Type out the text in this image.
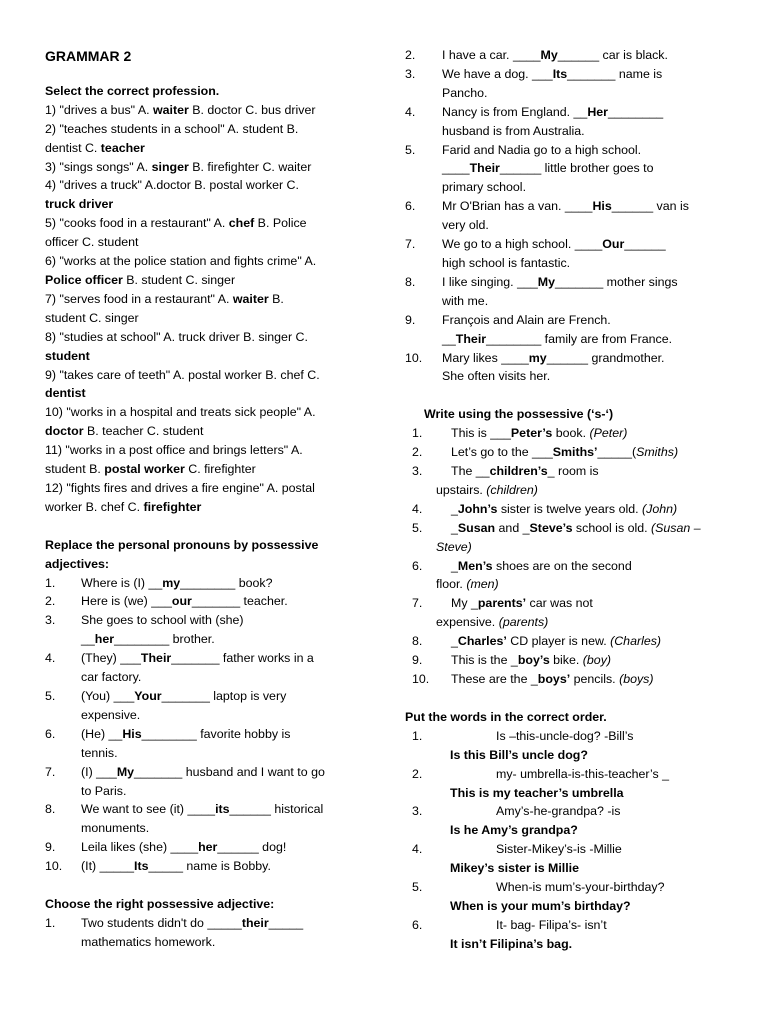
GRAMMAR 2

Select the correct profession.

1) "drives a bus" A. waiter B. doctor C. bus driver

2) "teaches students in a school" A. student B.

dentist C. teacher

3) "sings songs" A. singer B. firefighter C. waiter

4) "drives a truck" A.doctor B. postal worker C.

truck driver

5) "cooks food in a restaurant" A. chef B. Police

officer C. student

6) "works at the police station and fights crime" A.

Police officer B. student C. singer

7) "serves food in a restaurant" A. waiter B.

student C. singer

8) "studies at school" A. truck driver B. singer C.

student

9) "takes care of teeth" A. postal worker B. chef C.

dentist

10) "works in a hospital and treats sick people" A.

doctor B. teacher C. student

11) "works in a post office and brings letters" A.

student B. postal worker C. firefighter

12) "fights fires and drives a fire engine" A. postal

worker B. chef C. firefighter

Replace the personal pronouns by possessive

adjectives:

1. Where is (I) __my________ book?

2. Here is (we) ___our_______ teacher.

3. She goes to school with (she)

__her________ brother.

4. (They) ___Their_______ father works in a

car factory.

5. (You) ___Your_______ laptop is very

expensive.

6. (He) __His________ favorite hobby is

tennis.

7. (I) ___My_______ husband and I want to go

to Paris.

8. We want to see (it) ____its______ historical

monuments.

9. Leila likes (she) ____her______ dog!

10. (It) _____Its_____ name is Bobby.

Choose the right possessive adjective:

1. Two students didn't do _____their_____

mathematics homework.

2. I have a car. ____My______ car is black.

3. We have a dog. ___Its_______ name is

Pancho.

4. Nancy is from England. __Her________

husband is from Australia.

5. Farid and Nadia go to a high school.

____Their______ little brother goes to

primary school.

6. Mr O'Brian has a van. ____His______ van is

very old.

7. We go to a high school. ____Our______

high school is fantastic.

8. I like singing. ___My_______ mother sings

with me.

9. François and Alain are French.

__Their________ family are from France.

10. Mary likes ____my______ grandmother.

She often visits her.

Write using the possessive (‘s-‘)

1.	This is ___Peter’s book. (Peter)

2.	Let’s go to the ___Smiths’_____(Smiths)

3.	The __children’s_ room is

upstairs. (children)

4.	_John’s sister is twelve years old. (John)

5.	_Susan and _Steve’s school is old. (Susan –

Steve)

6.	_Men’s shoes are on the second

floor. (men)

7.	My _parents’ car was not

expensive. (parents)

8.	_Charles’ CD player is new. (Charles)

9.	This is the _boy’s bike. (boy)

10.	These are the _boys’ pencils. (boys)

Put the words in the correct order.

1.	Is –this-uncle-dog? -Bill’s

Is this Bill’s uncle dog?

2.	my- umbrella-is-this-teacher’s _

This is my teacher’s umbrella

3.	Amy’s-he-grandpa? -is

Is he Amy’s grandpa?

4.	Sister-Mikey’s-is -Millie

Mikey’s sister is Millie

5.	When-is mum’s-your-birthday?

When is your mum’s birthday?

6.	It- bag- Filipa’s- isn’t

It isn’t Filipina’s bag.
